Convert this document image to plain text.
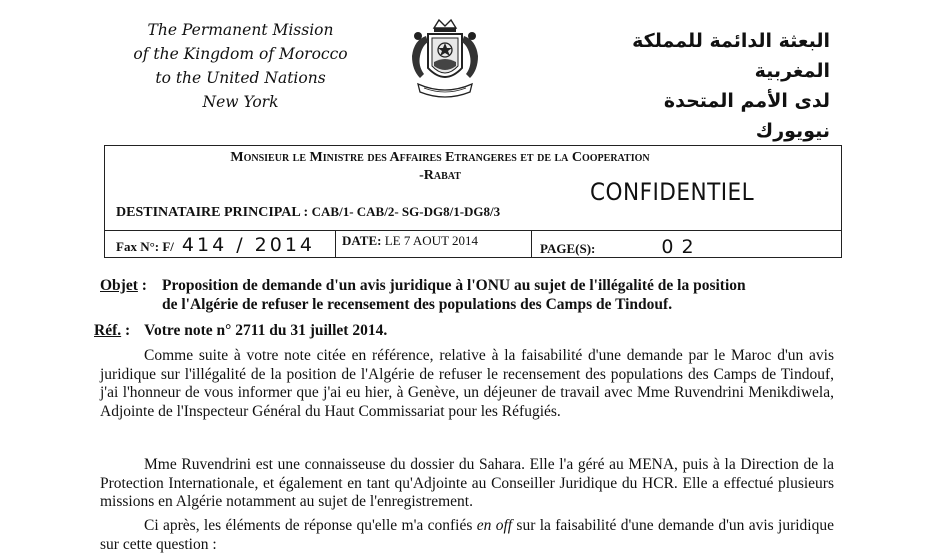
The Permanent Mission
of the Kingdom of Morocco
to the United Nations
New York
البعثة الدائمة للمملكة المغربية
لدى الأمم المتحدة
نيويورك
Monsieur le Ministre des Affaires Etrangeres et de la Cooperation
-Rabat
DESTINATAIRE PRINCIPAL : CAB/1- CAB/2- SG-DG8/1-DG8/3
CONFIDENTIEL
Fax N°: F/ 414 / 2014 DATE: LE 7 AOUT 2014
PAGE(S):	02
Objet : Proposition de demande d'un avis juridique à l'ONU au sujet de l'illégalité de la position
de l'Algérie de refuser le recensement des populations des Camps de Tindouf.
Réf. : Votre note n° 2711 du 31 juillet 2014.
Comme suite à votre note citée en référence, relative à la faisabilité d'une demande par le Maroc d'un avis juridique sur l'illégalité de la position de l'Algérie de refuser le recensement des populations des Camps de Tindouf, j'ai l'honneur de vous informer que j'ai eu hier, à Genève, un déjeuner de travail avec Mme Ruvendrini Menikdiwela, Adjointe de l'Inspecteur Général du Haut Commissariat pour les Réfugiés.
Mme Ruvendrini est une connaisseuse du dossier du Sahara. Elle l'a géré au MENA, puis à la Direction de la Protection Internationale, et également en tant qu'Adjointe au Conseiller Juridique du HCR. Elle a effectué plusieurs missions en Algérie notamment au sujet de l'enregistrement.
Ci après, les éléments de réponse qu'elle m'a confiés en off sur la faisabilité d'une demande d'un avis juridique sur cette question :
